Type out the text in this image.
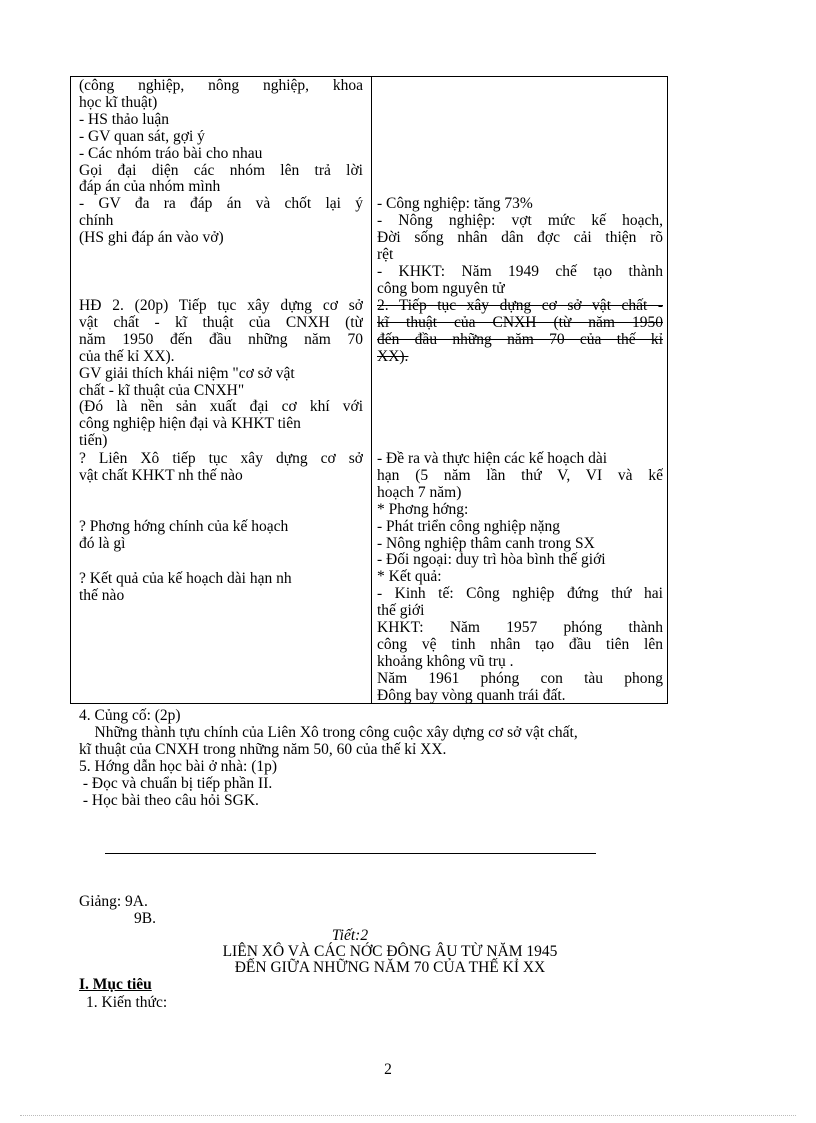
(công nghiệp, nông nghiệp, khoa
học kĩ thuật)
- HS thảo luận
- GV quan sát, gợi ý
- Các nhóm tráo bài cho nhau
Gọi đại diện các nhóm lên trả lời
đáp án của nhóm mình
- GV đa ra đáp án và chốt lại ý
chính
(HS ghi đáp án vào vở)
- Công nghiệp: tăng 73%
- Nông nghiệp: vợt mức kế hoạch,
Đời sống nhân dân đợc cải thiện rõ
rệt
- KHKT: Năm 1949 chế tạo thành
công bom nguyên tử
HĐ 2. (20p) Tiếp tục xây dựng cơ sở
vật chất - kĩ thuật của CNXH (từ
năm 1950 đến đầu những năm 70
của thế kỉ XX).
GV giải thích khái niệm "cơ sở vật
chất - kĩ thuật của CNXH"
(Đó là nền sản xuất đại cơ khí với
công nghiệp hiện đại và KHKT tiên
tiến)
2. Tiếp tục xây dựng cơ sở vật chất -
kĩ thuật của CNXH (từ năm 1950
đến đầu những năm 70 của thế kỉ
XX).
? Liên Xô tiếp tục xây dựng cơ sở
vật chất KHKT nh thế nào
? Phơng hớng chính của kế hoạch
đó là gì
? Kết quả của kế hoạch dài hạn nh
thế nào
- Đề ra và thực hiện các kế hoạch dài
hạn (5 năm lần thứ V, VI và kế
hoạch 7 năm)
* Phơng hớng:
- Phát triển công nghiệp nặng
- Nông nghiệp thâm canh trong SX
- Đối ngoại: duy trì hòa bình thế giới
* Kết quả:
- Kinh tế: Công nghiệp đứng thứ hai
thế giới
KHKT: Năm 1957 phóng thành
công vệ tinh nhân tạo đầu tiên lên
khoảng không vũ trụ .
Năm 1961 phóng con tàu phong
Đông bay vòng quanh trái đất.
4. Củng cố: (2p)
Những thành tựu chính của Liên Xô trong công cuộc xây dựng cơ sở vật chất,
kĩ thuật của CNXH trong những năm 50, 60 của thế kỉ XX.
5. Hớng dẫn học bài ở nhà: (1p)
- Đọc và chuẩn bị tiếp phần II.
- Học bài theo câu hỏi SGK.
Giảng: 9A.
9B.
Tiết:2
LIÊN XÔ VÀ CÁC NỚC ĐÔNG ÂU TỪ NĂM 1945
ĐẾN GIỮA NHỮNG NĂM 70 CỦA THẾ KỈ XX
I. Mục tiêu
1. Kiến thức:
2
